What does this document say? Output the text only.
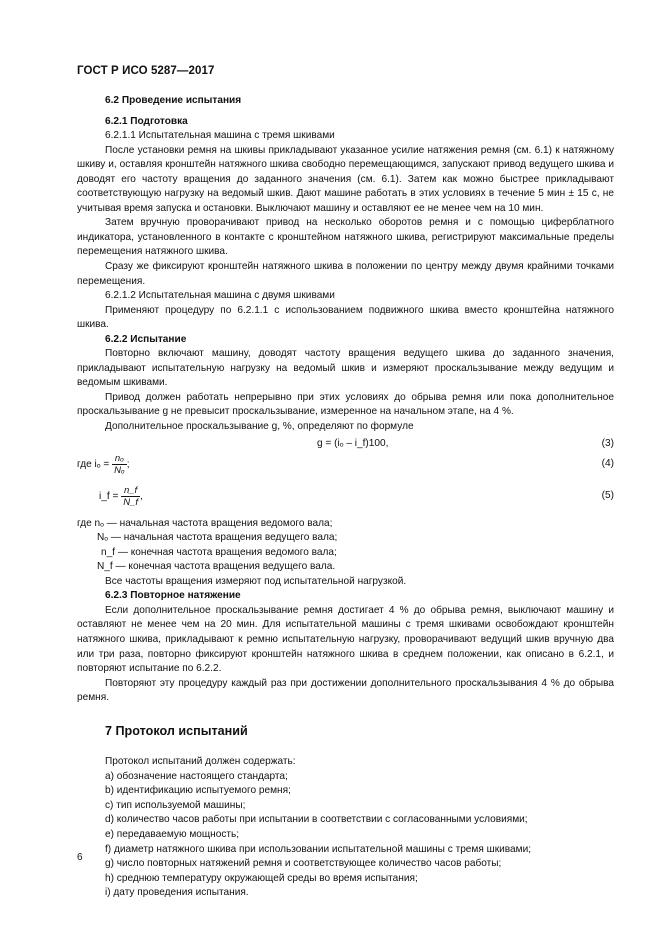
ГОСТ Р ИСО 5287—2017
6.2 Проведение испытания
6.2.1 Подготовка
6.2.1.1 Испытательная машина с тремя шкивами

После установки ремня на шкивы прикладывают указанное усилие натяжения ремня (см. 6.1) к натяжному шкиву и, оставляя кронштейн натяжного шкива свободно перемещающимся, запускают привод ведущего шкива и доводят его частоту вращения до заданного значения (см. 6.1). Затем как можно быстрее прикладывают соответствующую нагрузку на ведомый шкив. Дают машине работать в этих условиях в течение 5 мин ± 15 с, не учитывая время запуска и остановки. Выключают машину и оставляют ее не менее чем на 10 мин.

Затем вручную проворачивают привод на несколько оборотов ремня и с помощью циферблатного индикатора, установленного в контакте с кронштейном натяжного шкива, регистрируют максимальные пределы перемещения натяжного шкива.

Сразу же фиксируют кронштейн натяжного шкива в положении по центру между двумя крайними точками перемещения.

6.2.1.2 Испытательная машина с двумя шкивами

Применяют процедуру по 6.2.1.1 с использованием подвижного шкива вместо кронштейна натяжного шкива.

6.2.2 Испытание

Повторно включают машину, доводят частоту вращения ведущего шкива до заданного значения, прикладывают испытательную нагрузку на ведомый шкив и измеряют проскальзывание между ведущим и ведомым шкивами.

Привод должен работать непрерывно при этих условиях до обрыва ремня или пока дополнительное проскальзывание g не превысит проскальзывание, измеренное на начальном этапе, на 4 %.

Дополнительное проскальзывание g, %, определяют по формуле

g = (iₒ – i_f)100,	(3)
где $i_o = \frac{\text{nₒ}}{\text{Nₒ}}$ ;	(4)
i_f = $\frac{n\_f}{N\_f}$ ,	(5)
где nₒ — начальная частота вращения ведомого вала;
Nₒ — начальная частота вращения ведущего вала;
n_f — конечная частота вращения ведомого вала;
N_f — конечная частота вращения ведущего вала.

Все частоты вращения измеряют под испытательной нагрузкой.

6.2.3 Повторное натяжение

Если дополнительное проскальзывание ремня достигает 4 % до обрыва ремня, выключают машину и оставляют не менее чем на 20 мин. Для испытательной машины с тремя шкивами освобождают кронштейн натяжного шкива, прикладывают к ремню испытательную нагрузку, проворачивают ведущий шкив вручную два или три раза, повторно фиксируют кронштейн натяжного шкива в среднем положении, как описано в 6.2.1, и повторяют испытание по 6.2.2.

Повторяют эту процедуру каждый раз при достижении дополнительного проскальзывания 4 % до обрыва ремня.

7 Протокол испытаний
Протокол испытаний должен содержать:
a) обозначение настоящего стандарта;
b) идентификацию испытуемого ремня;
c) тип используемой машины;
d) количество часов работы при испытании в соответствии с согласованными условиями;
e) передаваемую мощность;
f) диаметр натяжного шкива при использовании испытательной машины с тремя шкивами;
g) число повторных натяжений ремня и соответствующее количество часов работы;
h) среднюю температуру окружающей среды во время испытания;
i) дату проведения испытания.
6
